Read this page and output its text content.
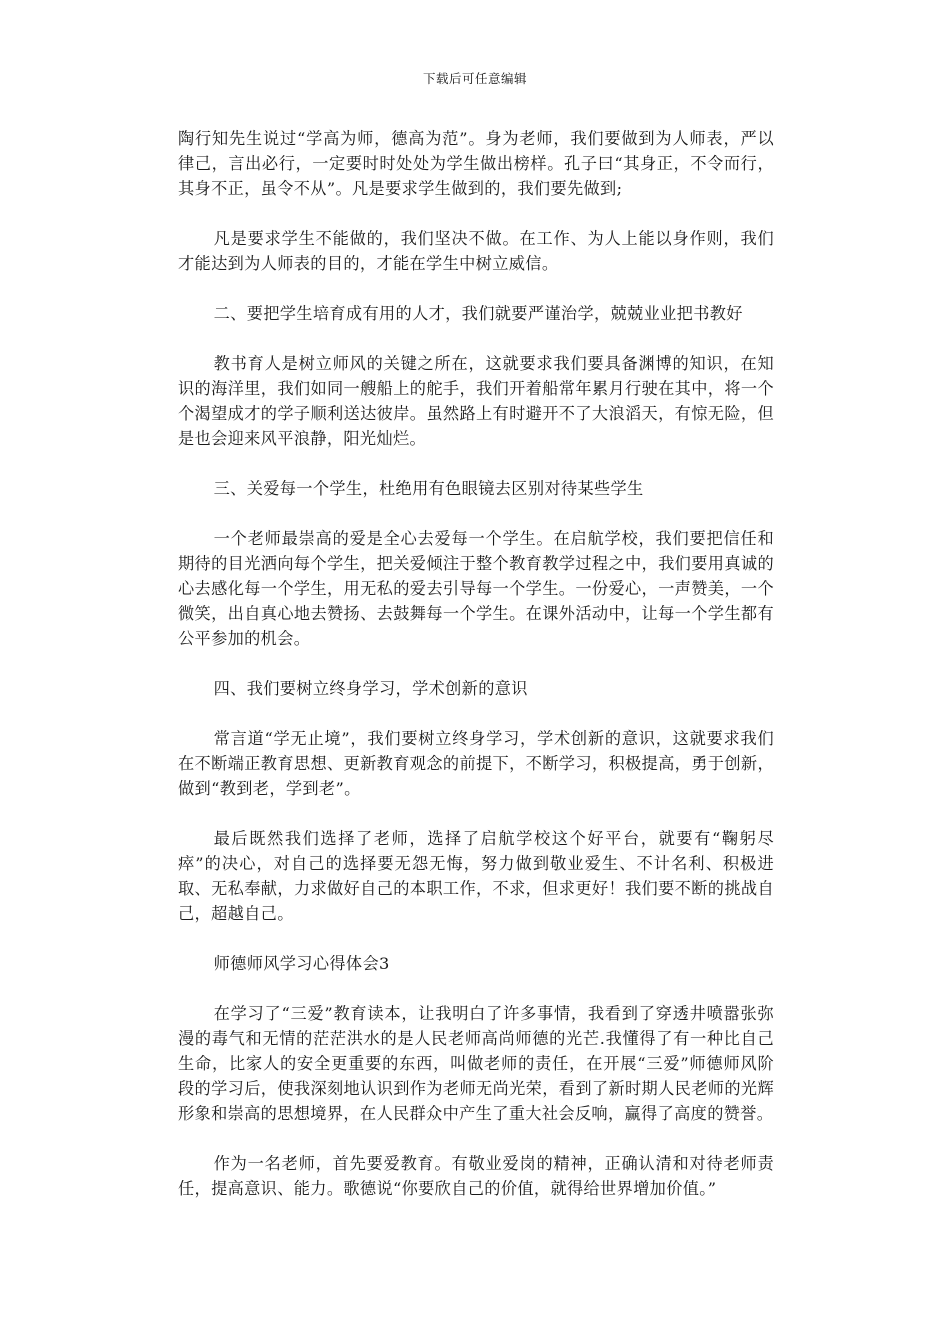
下载后可任意编辑

陶行知先生说过“学高为师，德高为范”。身为老师，我们要做到为人师表，严以律己，言出必行，一定要时时处处为学生做出榜样。孔子曰“其身正，不令而行，其身不正，虽令不从”。凡是要求学生做到的，我们要先做到;

凡是要求学生不能做的，我们坚决不做。在工作、为人上能以身作则，我们才能达到为人师表的目的，才能在学生中树立威信。

二、要把学生培育成有用的人才，我们就要严谨治学，兢兢业业把书教好

教书育人是树立师风的关键之所在，这就要求我们要具备渊博的知识，在知识的海洋里，我们如同一艘船上的舵手，我们开着船常年累月行驶在其中，将一个个渴望成才的学子顺利送达彼岸。虽然路上有时避开不了大浪滔天，有惊无险，但是也会迎来风平浪静，阳光灿烂。

三、关爱每一个学生，杜绝用有色眼镜去区别对待某些学生

一个老师最崇高的爱是全心去爱每一个学生。在启航学校，我们要把信任和期待的目光洒向每个学生，把关爱倾注于整个教育教学过程之中，我们要用真诚的心去感化每一个学生，用无私的爱去引导每一个学生。一份爱心，一声赞美，一个微笑，出自真心地去赞扬、去鼓舞每一个学生。在课外活动中，让每一个学生都有公平参加的机会。

四、我们要树立终身学习，学术创新的意识

常言道“学无止境”，我们要树立终身学习，学术创新的意识，这就要求我们在不断端正教育思想、更新教育观念的前提下，不断学习，积极提高，勇于创新，做到“教到老，学到老”。

最后既然我们选择了老师，选择了启航学校这个好平台，就要有“鞠躬尽瘁”的决心，对自己的选择要无怨无悔，努力做到敬业爱生、不计名利、积极进取、无私奉献，力求做好自己的本职工作，不求，但求更好！我们要不断的挑战自己，超越自己。

师德师风学习心得体会3

在学习了“三爱”教育读本，让我明白了许多事情，我看到了穿透井喷嚣张弥漫的毒气和无情的茫茫洪水的是人民老师高尚师德的光芒.我懂得了有一种比自己生命，比家人的安全更重要的东西，叫做老师的责任，在开展“三爱”师德师风阶段的学习后，使我深刻地认识到作为老师无尚光荣，看到了新时期人民老师的光辉形象和崇高的思想境界，在人民群众中产生了重大社会反响，赢得了高度的赞誉。

作为一名老师，首先要爱教育。有敬业爱岗的精神，正确认清和对待老师责任，提高意识、能力。歌德说“你要欣自己的价值，就得给世界增加价值。”
